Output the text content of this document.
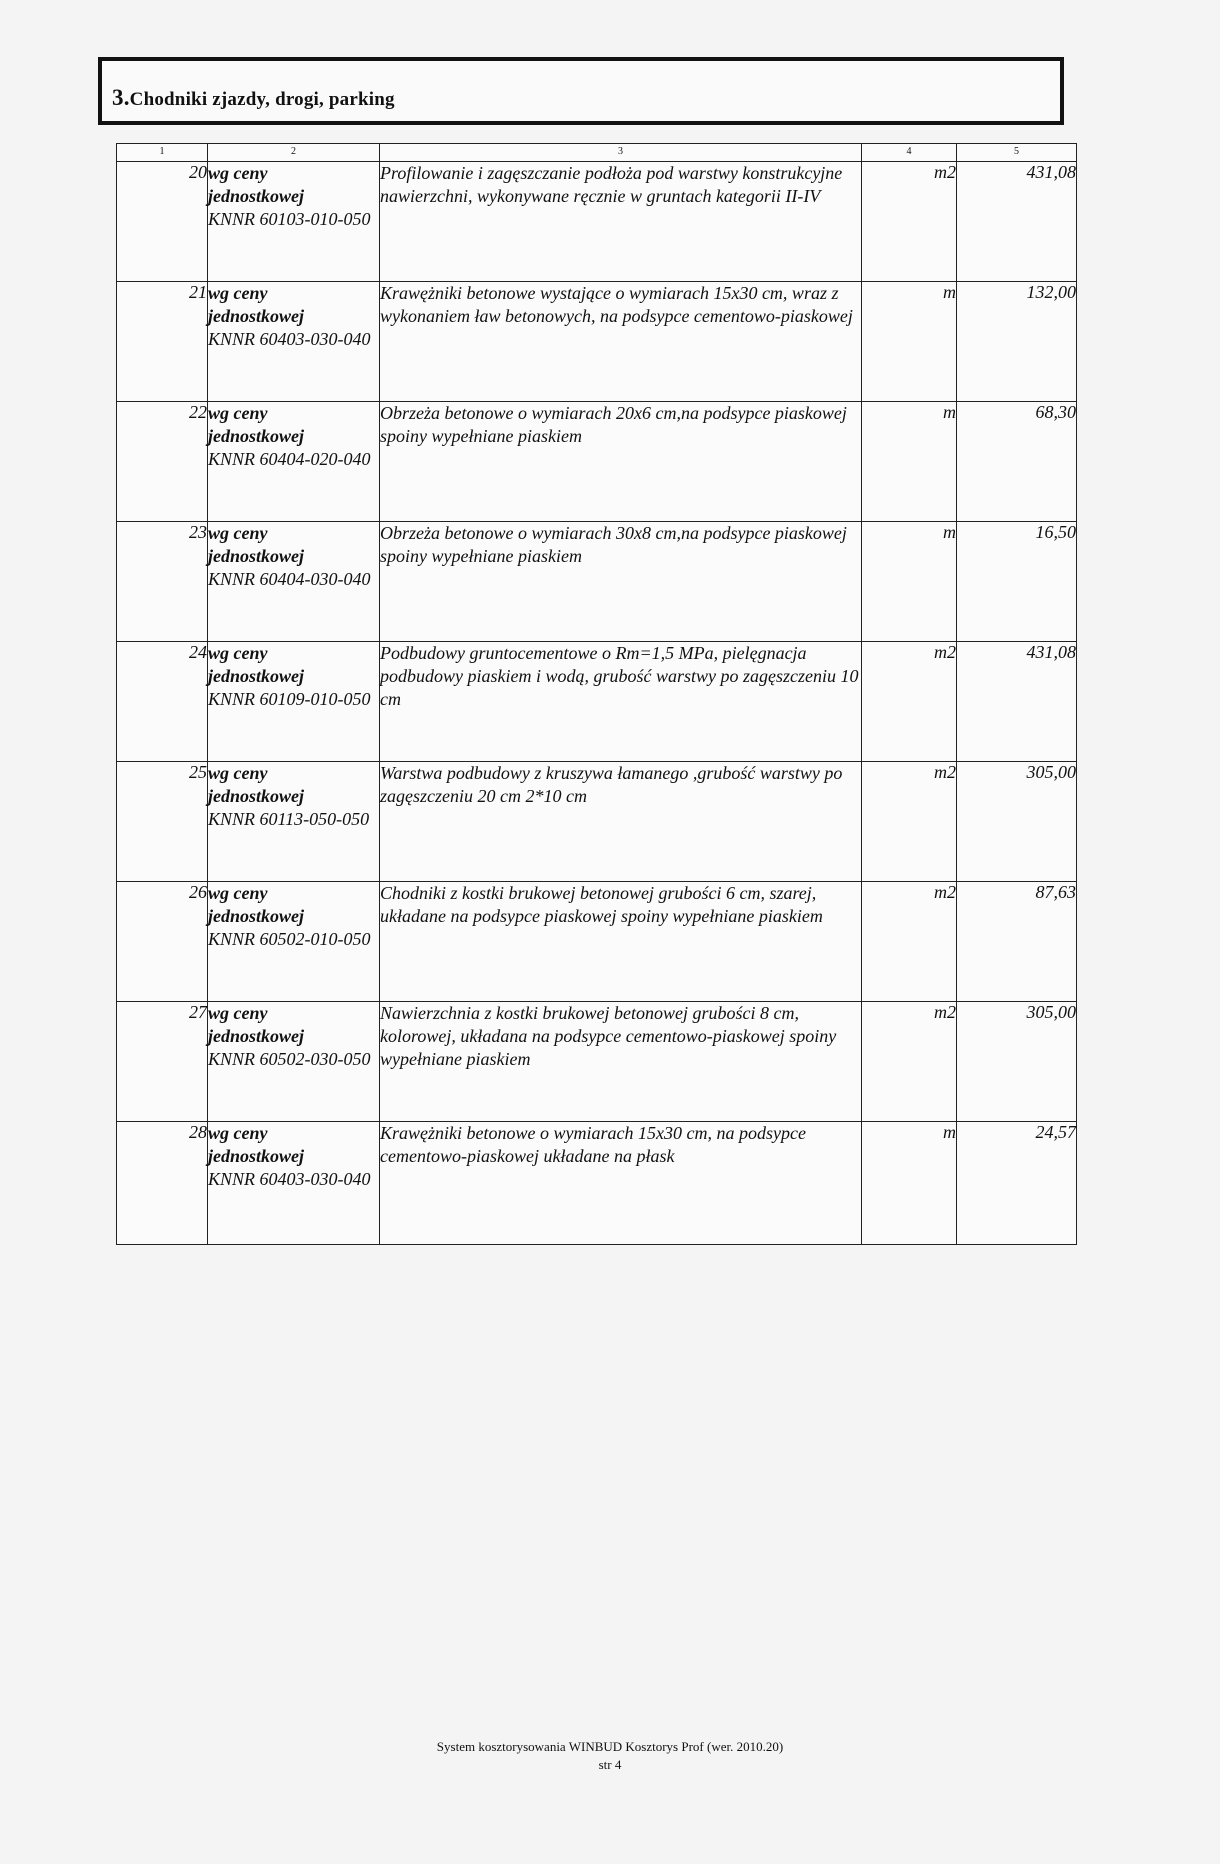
3.Chodniki zjazdy, drogi, parking
1	2	3	4	5
20	wg ceny
jednostkowej
KNNR 60103-010-050	Profilowanie i zagęszczanie podłoża pod warstwy konstrukcyjne nawierzchni, wykonywane ręcznie w gruntach kategorii II-IV	m2	431,08
21	wg ceny
jednostkowej
KNNR 60403-030-040	Krawężniki betonowe wystające o wymiarach 15x30 cm, wraz z wykonaniem ław betonowych, na podsypce cementowo-piaskowej	m	132,00
22	wg ceny
jednostkowej
KNNR 60404-020-040	Obrzeża betonowe o wymiarach 20x6 cm,na podsypce piaskowej spoiny wypełniane piaskiem	m	68,30
23	wg ceny
jednostkowej
KNNR 60404-030-040	Obrzeża betonowe o wymiarach 30x8 cm,na podsypce piaskowej spoiny wypełniane piaskiem	m	16,50
24	wg ceny
jednostkowej
KNNR 60109-010-050	Podbudowy gruntocementowe o Rm=1,5 MPa, pielęgnacja podbudowy piaskiem i wodą, grubość warstwy po zagęszczeniu 10 cm	m2	431,08
25	wg ceny
jednostkowej
KNNR 60113-050-050	Warstwa podbudowy z kruszywa łamanego ,grubość warstwy po zagęszczeniu 20 cm 2*10 cm	m2	305,00
26	wg ceny
jednostkowej
KNNR 60502-010-050	Chodniki z kostki brukowej betonowej grubości 6 cm, szarej, układane na podsypce piaskowej spoiny wypełniane piaskiem	m2	87,63
27	wg ceny
jednostkowej
KNNR 60502-030-050	Nawierzchnia z kostki brukowej betonowej grubości 8 cm, kolorowej, układana na podsypce cementowo-piaskowej spoiny wypełniane piaskiem	m2	305,00
28	wg ceny
jednostkowej
KNNR 60403-030-040	Krawężniki betonowe o wymiarach 15x30 cm, na podsypce cementowo-piaskowej układane na płask	m	24,57
System kosztorysowania WINBUD Kosztorys Prof (wer. 2010.20)
str 4
